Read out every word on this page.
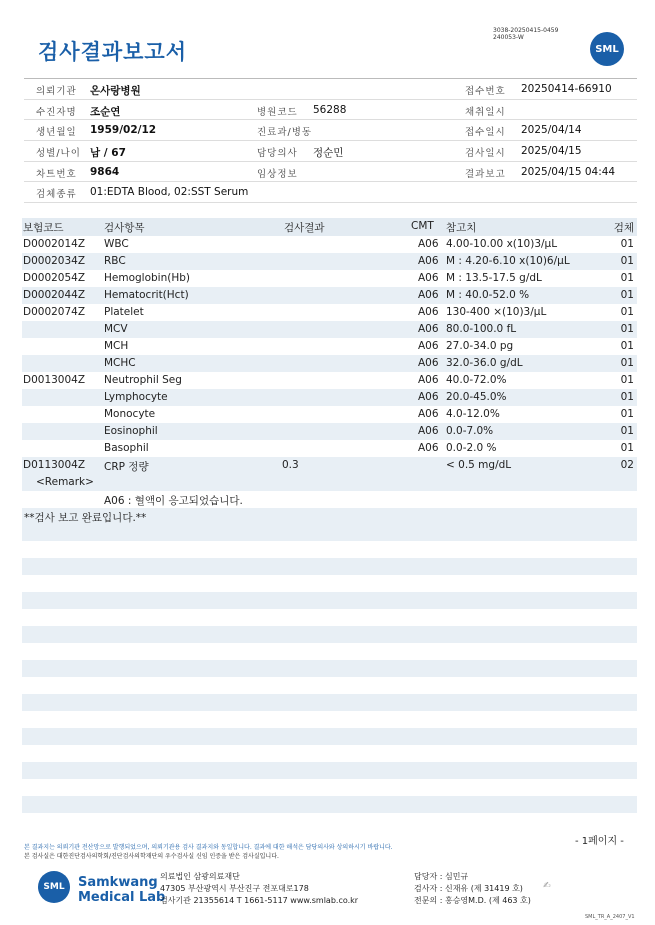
검사결과보고서
3038-20250415-0459
240053-W
SML
의뢰기관 온사랑병원	접수번호 20250414-66910
수진자명 조순연	병원코드 56288	채취일시
생년월일 1959/02/12	진료과/병동	접수일시 2025/04/14
성별/나이 남 / 67	담당의사 정순민	검사일시 2025/04/15
차트번호 9864	임상정보	결과보고 2025/04/15 04:44
검체종류 01:EDTA Blood, 02:SST Serum
보험코드	검사항목	검사결과	CMT 참고치	검체
D0002014Z WBC	A06 4.00-10.00 x(10)3/μL	01
D0002034Z RBC	A06 M : 4.20-6.10 x(10)6/μL	01
D0002054Z Hemoglobin(Hb)	A06 M : 13.5-17.5 g/dL	01
D0002044Z Hematocrit(Hct)	A06 M : 40.0-52.0 %	01
D0002074Z Platelet	A06 130-400 ×(10)3/μL	01
MCV	A06 80.0-100.0 fL	01
MCH	A06 27.0-34.0 pg	01
MCHC	A06 32.0-36.0 g/dL	01
D0013004Z Neutrophil Seg	A06 40.0-72.0%	01
Lymphocyte	A06 20.0-45.0%	01
Monocyte	A06 4.0-12.0%	01
Eosinophil	A06 0.0-7.0%	01
Basophil	A06 0.0-2.0 %	01
D0113004Z CRP 정량	0.3	< 0.5 mg/dL	02
<Remark>
A06 : 혈액이 응고되었습니다.
**검사 보고 완료입니다.**
- 1페이지 -
본 결과지는 의뢰기관 전산망으로 발행되었으며, 의뢰기관용 검사 결과지와 동일합니다. 결과에 대한 해석은 담당의사와 상의하시기 바랍니다.
본 검사실은 대한진단검사의학회/진단검사의학재단의 우수검사실 신임 인증을 받은 검사실입니다.
SML	Samkwang
Medical Lab
의료법인 삼광의료재단
47305 부산광역시 부산진구 전포대로178
검사기관 21355614 T 1661-5117 www.smlab.co.kr
담당자 : 심민규
검사자 : 신재유 (제 31419 호)
전문의 : 홍승영M.D. (제 463 호)
✍
SML_TR_A_2407_V1
